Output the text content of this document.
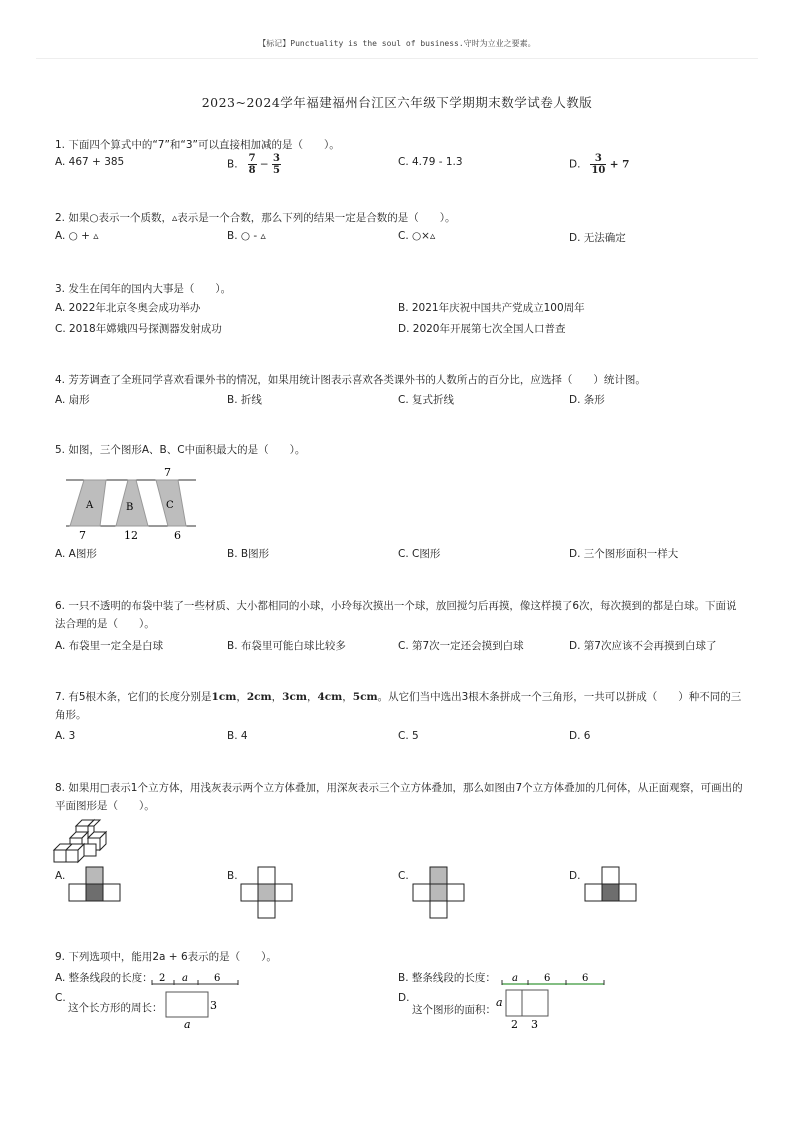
【标记】Punctuality is the soul of business.守时为立业之要素。
2023~2024学年福建福州台江区六年级下学期期末数学试卷人教版
1. 下面四个算式中的“7”和“3”可以直接相加减的是（　　）。
A. 467 + 385	B. $\frac{7}{8} - \frac{3}{5}$	C. 4.79 - 1.3	D. $\frac{3}{10} + 7$
2. 如果○表示一个质数，▵表示是一个合数，那么下列的结果一定是合数的是（　　）。
A. ○ + ▵	B. ○ - ▵	C. ○×▵	D. 无法确定
3. 发生在闰年的国内大事是（　　）。
A. 2022年北京冬奥会成功举办	B. 2021年庆祝中国共产党成立100周年
C. 2018年嫦娥四号探测器发射成功	D. 2020年开展第七次全国人口普查
4. 芳芳调查了全班同学喜欢看课外书的情况，如果用统计图表示喜欢各类课外书的人数所占的百分比，应选择（　　）统计图。
A. 扇形	B. 折线	C. 复式折线	D. 条形
5. 如图，三个图形A、B、C中面积最大的是（　　）。
7
A	B	C
7	12	6
A. A图形	B. B图形	C. C图形	D. 三个图形面积一样大
6. 一只不透明的布袋中装了一些材质、大小都相同的小球，小玲每次摸出一个球，放回搅匀后再摸，像这样摸了6次，每次摸到的都是白球。下面说法合理的是（　　）。
A. 布袋里一定全是白球	B. 布袋里可能白球比较多	C. 第7次一定还会摸到白球	D. 第7次应该不会再摸到白球了
7. 有5根木条，它们的长度分别是1cm，2cm，3cm，4cm，5cm。从它们当中选出3根木条拼成一个三角形，一共可以拼成（　　）种不同的三角形。
A. 3	B. 4	C. 5	D. 6
8. 如果用□表示1个立方体，用浅灰表示两个立方体叠加，用深灰表示三个立方体叠加，那么如图由7个立方体叠加的几何体，从正面观察，可画出的平面图形是（　　）。
A.	B.	C.	D.
9. 下列选项中，能用2a + 6表示的是（　　）。
A. 整条线段的长度：	B. 整条线段的长度：
2 a	6	a	6	6
C.
这个长方形的周长：	3
a
D.
这个图形的面积：
a
2 3
